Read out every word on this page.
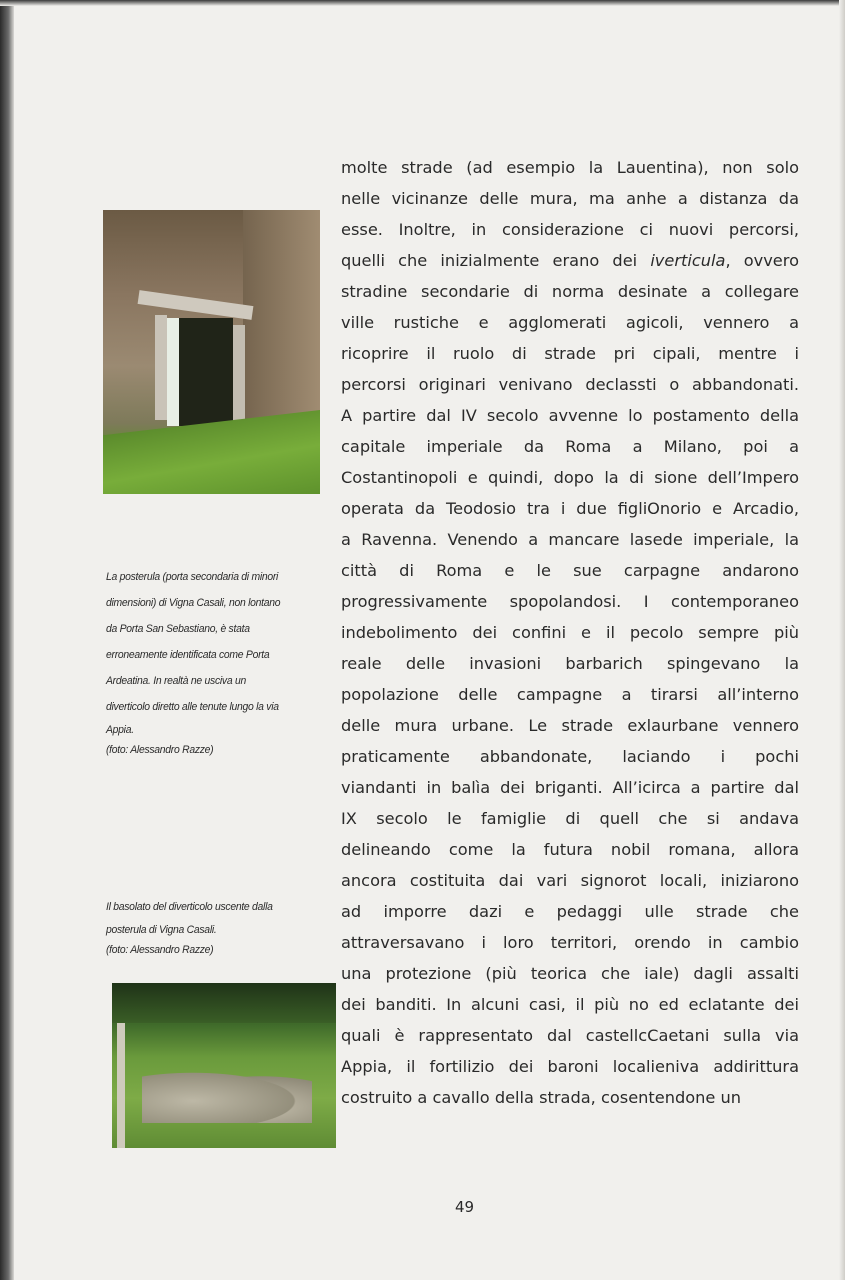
La posterula (porta secondaria di minori
dimensioni) di Vigna Casali, non lontano
da Porta San Sebastiano, è stata
erroneamente identificata come Porta
Ardeatina. In realtà ne usciva un
diverticolo diretto alle tenute lungo la via
Appia.
(foto: Alessandro Razze)
Il basolato del diverticolo uscente dalla
posterula di Vigna Casali.
(foto: Alessandro Razze)
molte strade (ad esempio la Lauentina), non solo
nelle vicinanze delle mura, ma anhe a distanza da
esse. Inoltre, in considerazione ci nuovi percorsi,
quelli che inizialmente erano dei iverticula, ovvero
stradine secondarie di norma desinate a collegare
ville rustiche e agglomerati agicoli, vennero a
ricoprire il ruolo di strade pri cipali, mentre i
percorsi originari venivano declassti o abbandonati.
A partire dal IV secolo avvenne lo postamento della
capitale imperiale da Roma a Milano, poi a
Costantinopoli e quindi, dopo la di sione dell’Impero
operata da Teodosio tra i due figliOnorio e Arcadio,
a Ravenna. Venendo a mancare lasede imperiale, la
città di Roma e le sue carpagne andarono
progressivamente spopolandosi. I contemporaneo
indebolimento dei confini e il pecolo sempre più
reale delle invasioni barbarich spingevano la
popolazione delle campagne a tirarsi all’interno
delle mura urbane. Le strade exlaurbane vennero
praticamente abbandonate, laciando i pochi
viandanti in balìa dei briganti. All’icirca a partire dal
IX secolo le famiglie di quell che si andava
delineando come la futura nobil romana, allora
ancora costituita dai vari signorot locali, iniziarono
ad imporre dazi e pedaggi ulle strade che
attraversavano i loro territori, orendo in cambio
una protezione (più teorica che iale) dagli assalti
dei banditi. In alcuni casi, il più no ed eclatante dei
quali è rappresentato dal castellcCaetani sulla via
Appia, il fortilizio dei baroni localieniva addirittura
costruito a cavallo della strada, cosentendone un
49
